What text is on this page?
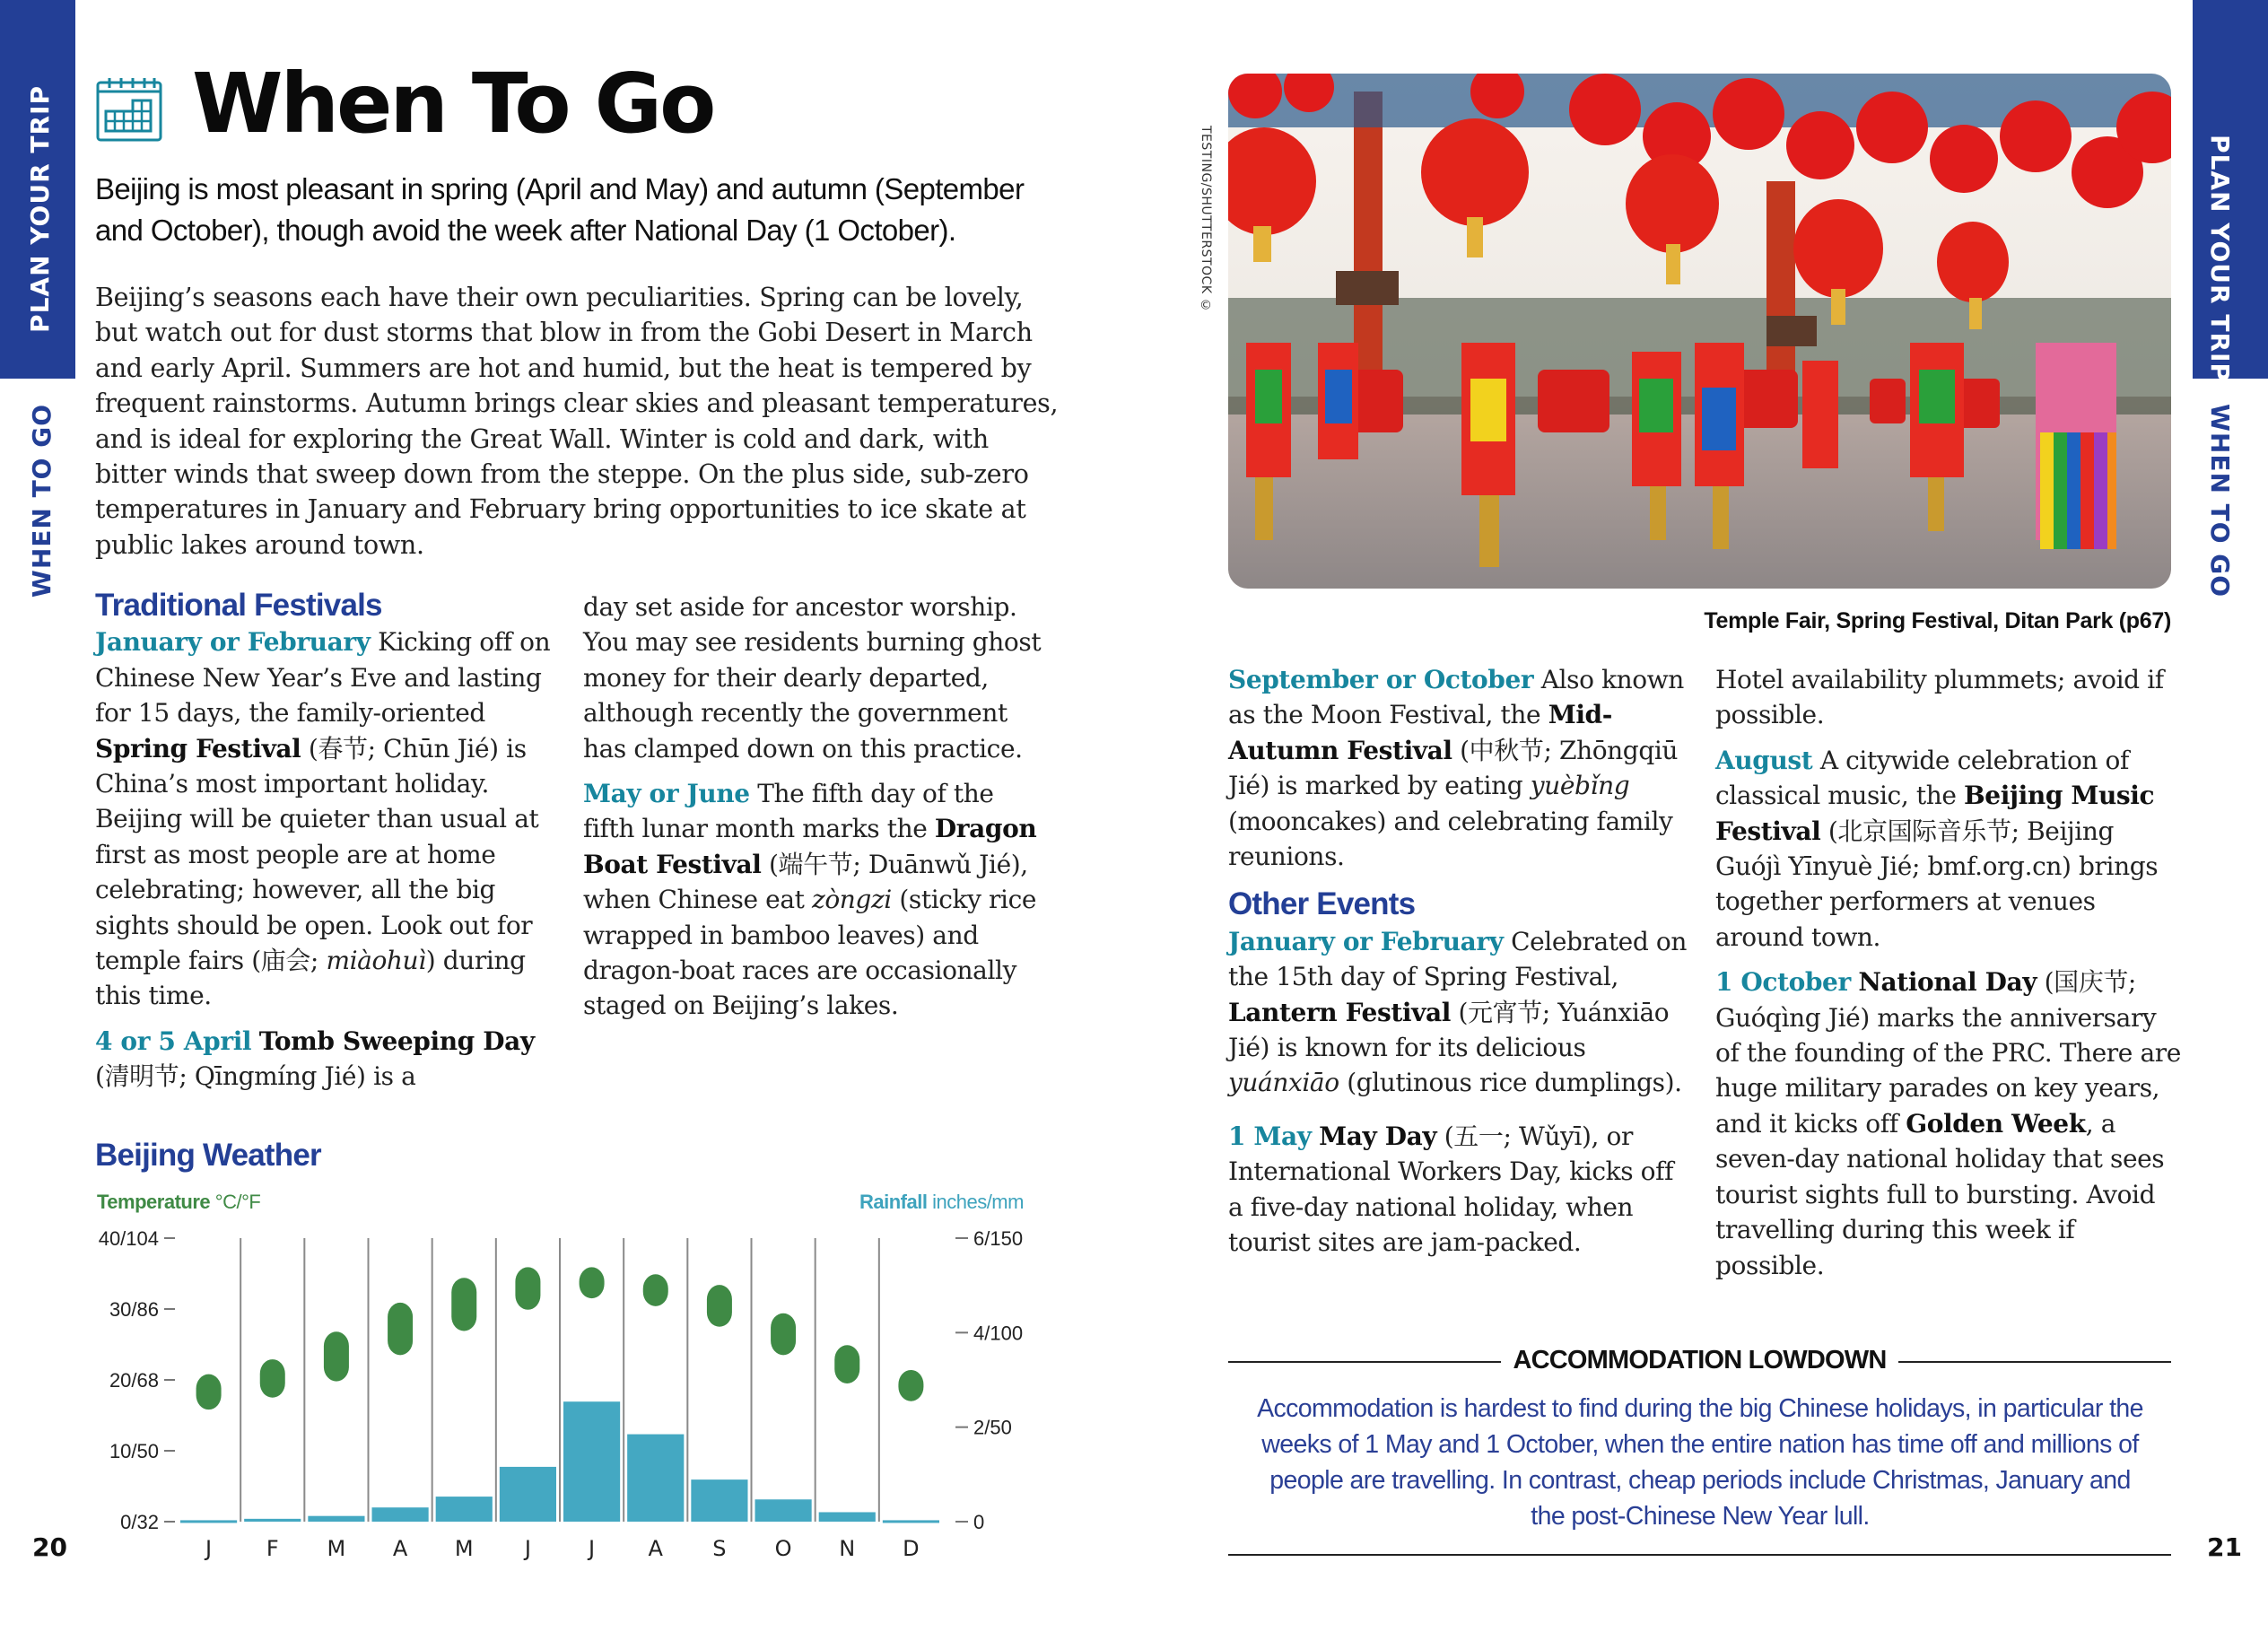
PLAN YOUR TRIP
WHEN TO GO
PLAN YOUR TRIP
WHEN TO GO
When To Go
Beijing is most pleasant in spring (April and May) and autumn (September and October), though avoid the week after National Day (1 October).
Beijing’s seasons each have their own peculiarities. Spring can be lovely, but watch out for dust storms that blow in from the Gobi Desert in March and early April. Summers are hot and humid, but the heat is tempered by frequent rainstorms. Autumn brings clear skies and pleasant temperatures, and is ideal for exploring the Great Wall. Winter is cold and dark, with bitter winds that sweep down from the steppe. On the plus side, sub-zero temperatures in January and February bring opportunities to ice skate at public lakes around town.
Traditional Festivals

January or February Kicking off on Chinese New Year’s Eve and lasting for 15 days, the family-oriented Spring Festival (春节; Chūn Jié) is China’s most important holiday. Beijing will be quieter than usual at first as most people are at home celebrating; however, all the big sights should be open. Look out for temple fairs (庙会; miàohuì) during this time.

4 or 5 April Tomb Sweeping Day (清明节; Qīngmíng Jié) is a

day set aside for ancestor worship. You may see residents burning ghost money for their dearly departed, although recently the government has clamped down on this practice.

May or June The fifth day of the fifth lunar month marks the Dragon Boat Festival (端午节; Duānwǔ Jié), when Chinese eat zòngzi (sticky rice wrapped in bamboo leaves) and dragon-boat races are occasionally staged on Beijing’s lakes.

Beijing Weather
Temperature °C/°F	Rainfall inches/mm
0/32
10/50
20/68
30/86
40/104
0
2/50
4/100
6/150
J	F M A M J	J A S O N D
TESTING/SHUTTERSTOCK ©
Temple Fair, Spring Festival, Ditan Park (p67)

September or October Also known as the Moon Festival, the Mid-Autumn Festival (中秋节; Zhōngqiū Jié) is marked by eating yuèbǐng (mooncakes) and celebrating family reunions.

Other Events

January or February Celebrated on the 15th day of Spring Festival, Lantern Festival (元宵节; Yuánxiāo Jié) is known for its delicious yuánxiāo (glutinous rice dumplings).

1 May May Day (五一; Wǔyī), or International Workers Day, kicks off a five-day national holiday, when tourist sites are jam-packed.

Hotel availability plummets; avoid if possible.

August A citywide celebration of classical music, the Beijing Music Festival (北京国际音乐节; Beijing Guójì Yīnyuè Jié; bmf.org.cn) brings together performers at venues around town.

1 October National Day (国庆节; Guóqìng Jié) marks the anniversary of the founding of the PRC. There are huge military parades on key years, and it kicks off Golden Week, a seven-day national holiday that sees tourist sights full to bursting. Avoid travelling during this week if possible.

ACCOMMODATION LOWDOWN
Accommodation is hardest to find during the big Chinese holidays, in particular the weeks of 1 May and 1 October, when the entire nation has time off and millions of people are travelling. In contrast, cheap periods include Christmas, January and the post-Chinese New Year lull.
20	21
